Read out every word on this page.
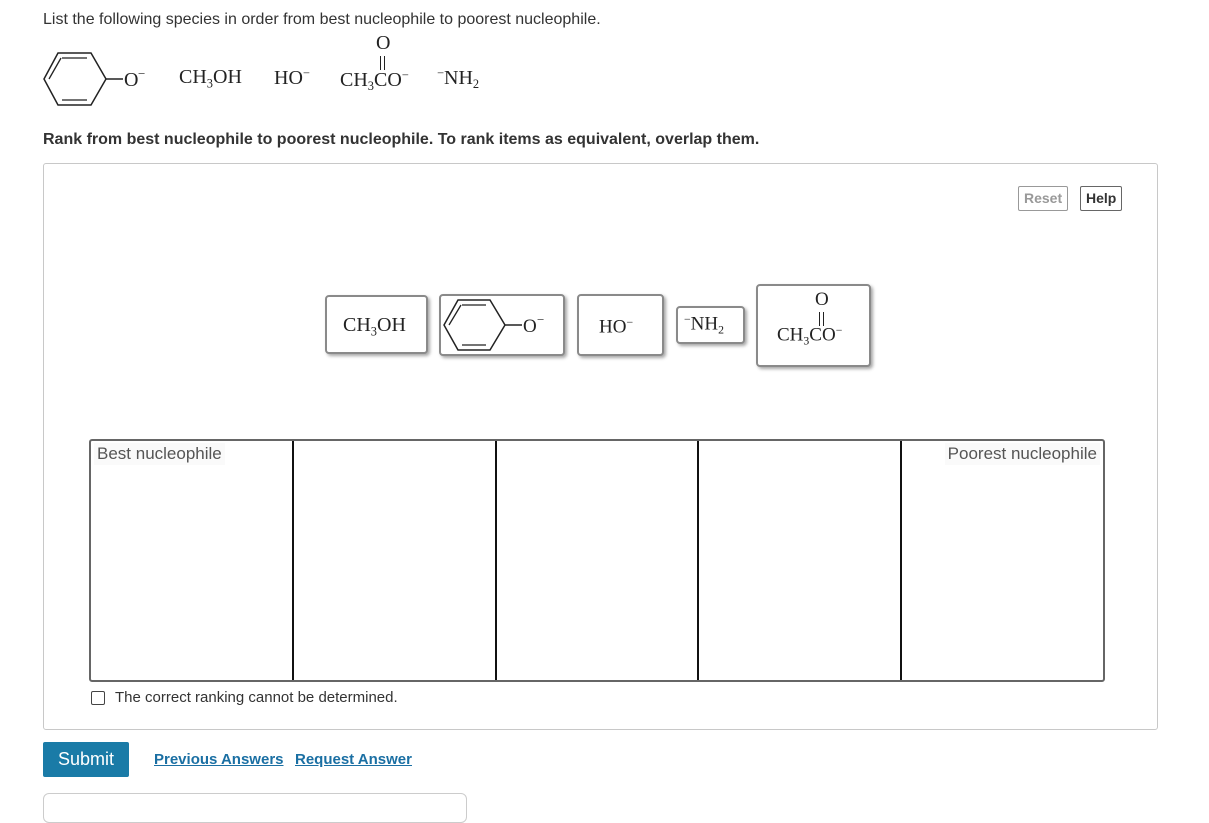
List the following species in order from best nucleophile to poorest nucleophile.
$O - CH_3OH$ HO−
O
$CH_3CO^-$ $^-NH_2$
Rank from best nucleophile to poorest nucleophile. To rank items as equivalent, overlap them.
Reset	Help
$CH_3OH$	O −	HO−	$^-NH_2$
O
$CH_3CO^-$
Best nucleophile	Poorest nucleophile
The correct ranking cannot be determined.
Submit	Previous Answers Request Answer
